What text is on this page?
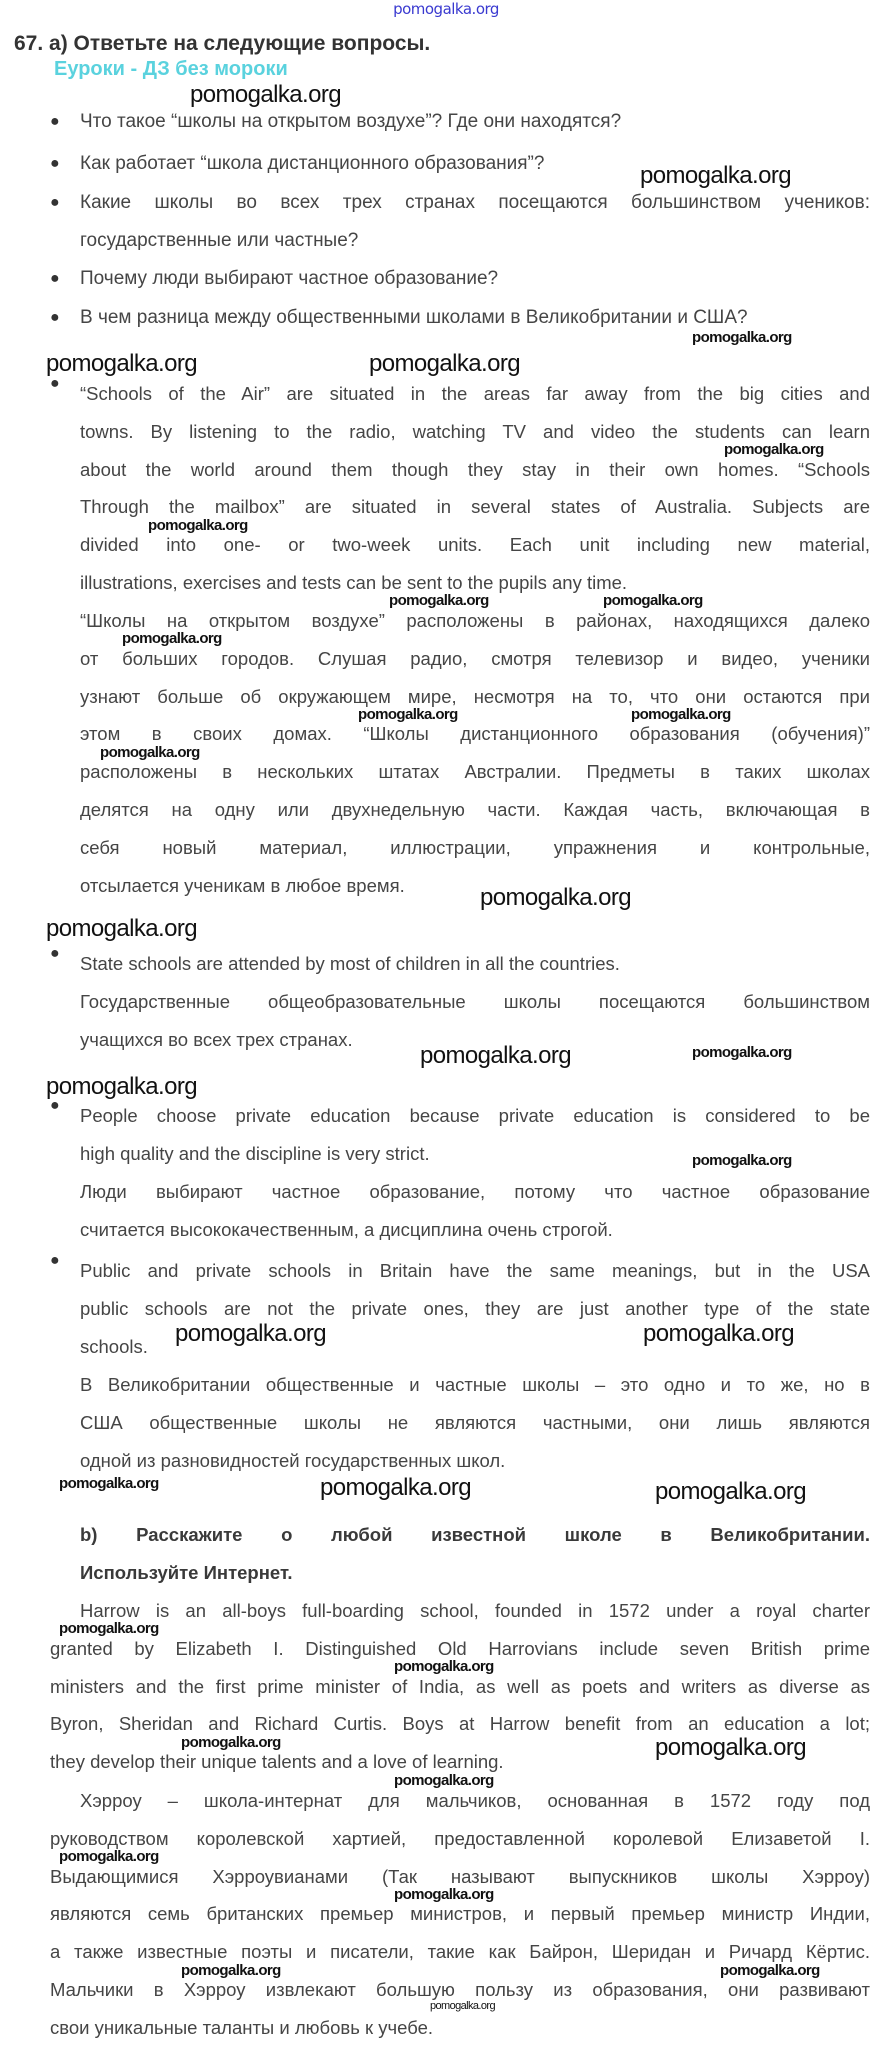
pomogalka.org
67. а) Ответьте на следующие вопросы.
Еуроки - ДЗ без мороки
● Что такое “школы на открытом воздухе”? Где они находятся?
● Как работает “школа дистанционного образования”?
● Какие школы во всех трех странах посещаются большинством учеников:
государственные или частные?
● Почему люди выбирают частное образование?
● В чем разница между общественными школами в Великобритании и США?
● “Schools of the Air” are situated in the areas far away from the big cities and
towns. By listening to the radio, watching TV and video the students can learn
about the world around them though they stay in their own homes. “Schools
Through the mailbox” are situated in several states of Australia. Subjects are
divided into one- or two-week units. Each unit including new material,
illustrations, exercises and tests can be sent to the pupils any time.
“Школы на открытом воздухе” расположены в районах, находящихся далеко
от больших городов. Слушая радио, смотря телевизор и видео, ученики
узнают больше об окружающем мире, несмотря на то, что они остаются при
этом в своих домах. “Школы дистанционного образования (обучения)”
расположены в нескольких штатах Австралии. Предметы в таких школах
делятся на одну или двухнедельную части. Каждая часть, включающая в
себя новый материал, иллюстрации, упражнения и контрольные,
отсылается ученикам в любое время.
● State schools are attended by most of children in all the countries.
Государственные общеобразовательные школы посещаются большинством
учащихся во всех трех странах.
● People choose private education because private education is considered to be
high quality and the discipline is very strict.
Люди выбирают частное образование, потому что частное образование
считается высококачественным, а дисциплина очень строгой.
● Public and private schools in Britain have the same meanings, but in the USA
public schools are not the private ones, they are just another type of the state
schools.
В Великобритании общественные и частные школы – это одно и то же, но в
США общественные школы не являются частными, они лишь являются
одной из разновидностей государственных школ.
b) Расскажите о любой известной школе в Великобритании.
Используйте Интернет.
Harrow is an all-boys full-boarding school, founded in 1572 under a royal charter
granted by Elizabeth I. Distinguished Old Harrovians include seven British prime
ministers and the first prime minister of India, as well as poets and writers as diverse as
Byron, Sheridan and Richard Curtis. Boys at Harrow benefit from an education a lot;
they develop their unique talents and a love of learning.
Хэрроу – школа-интернат для мальчиков, основанная в 1572 году под
руководством королевской хартией, предоставленной королевой Елизаветой I.
Выдающимися Хэрроувианами (Так называют выпускников школы Хэрроу)
являются семь британских премьер министров, и первый премьер министр Индии,
а также известные поэты и писатели, такие как Байрон, Шеридан и Ричард Кёртис.
Мальчики в Хэрроу извлекают большую пользу из образования, они развивают
свои уникальные таланты и любовь к учебе.
pomogalka.org
pomogalka.org
pomogalka.org
pomogalka.org	pomogalka.org
pomogalka.org
pomogalka.org
pomogalka.org	pomogalka.org
pomogalka.org
pomogalka.org	pomogalka.org
pomogalka.org
pomogalka.org
pomogalka.org
pomogalka.org	pomogalka.org
pomogalka.org
pomogalka.org
pomogalka.org	pomogalka.org
pomogalka.org	pomogalka.org	pomogalka.org
pomogalka.org
pomogalka.org
pomogalka.org	pomogalka.org
pomogalka.org
pomogalka.org
pomogalka.org
pomogalka.org	pomogalka.org
pomogalka.org
